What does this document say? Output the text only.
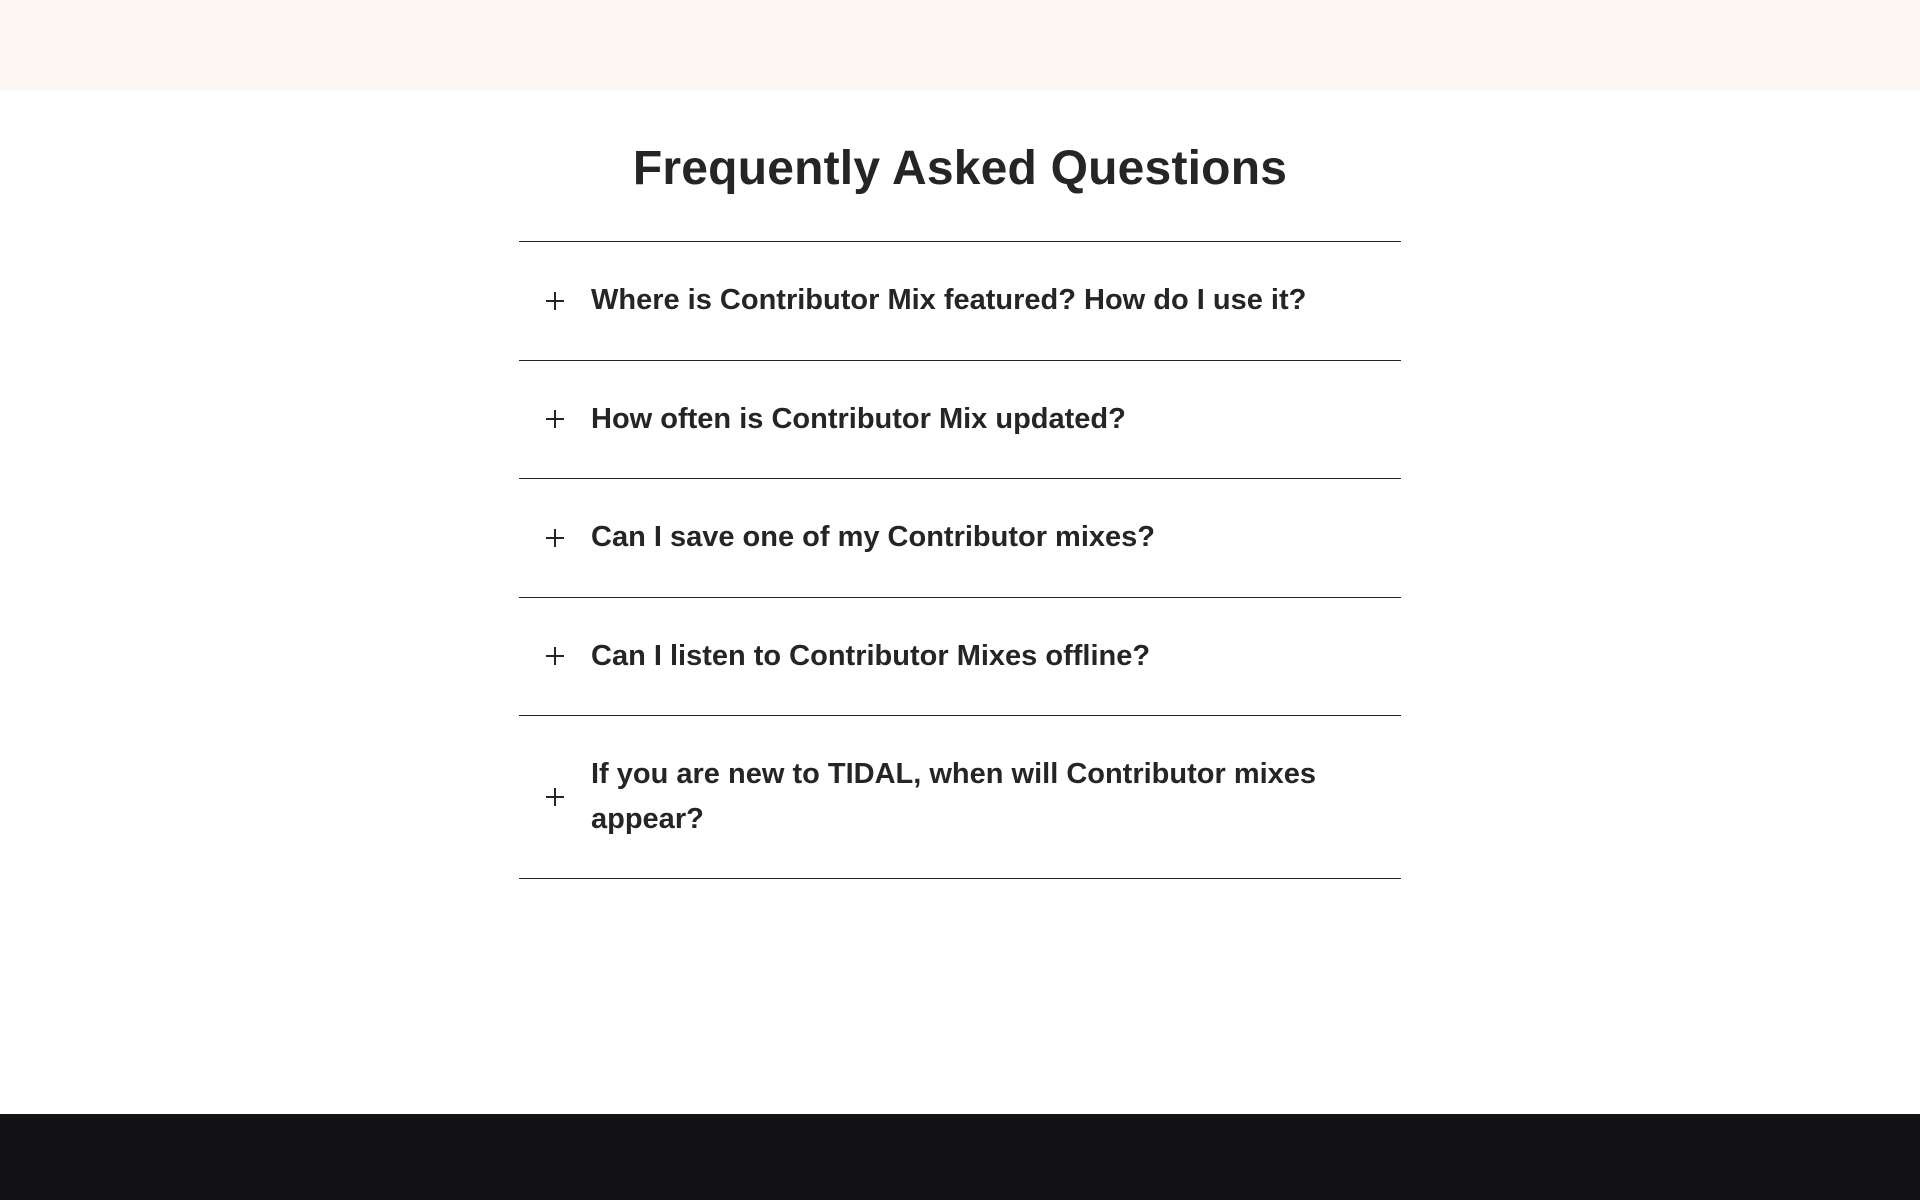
Frequently Asked Questions
Where is Contributor Mix featured? How do I use it?
How often is Contributor Mix updated?
Can I save one of my Contributor mixes?
Can I listen to Contributor Mixes offline?
If you are new to TIDAL, when will Contributor mixes appear?
